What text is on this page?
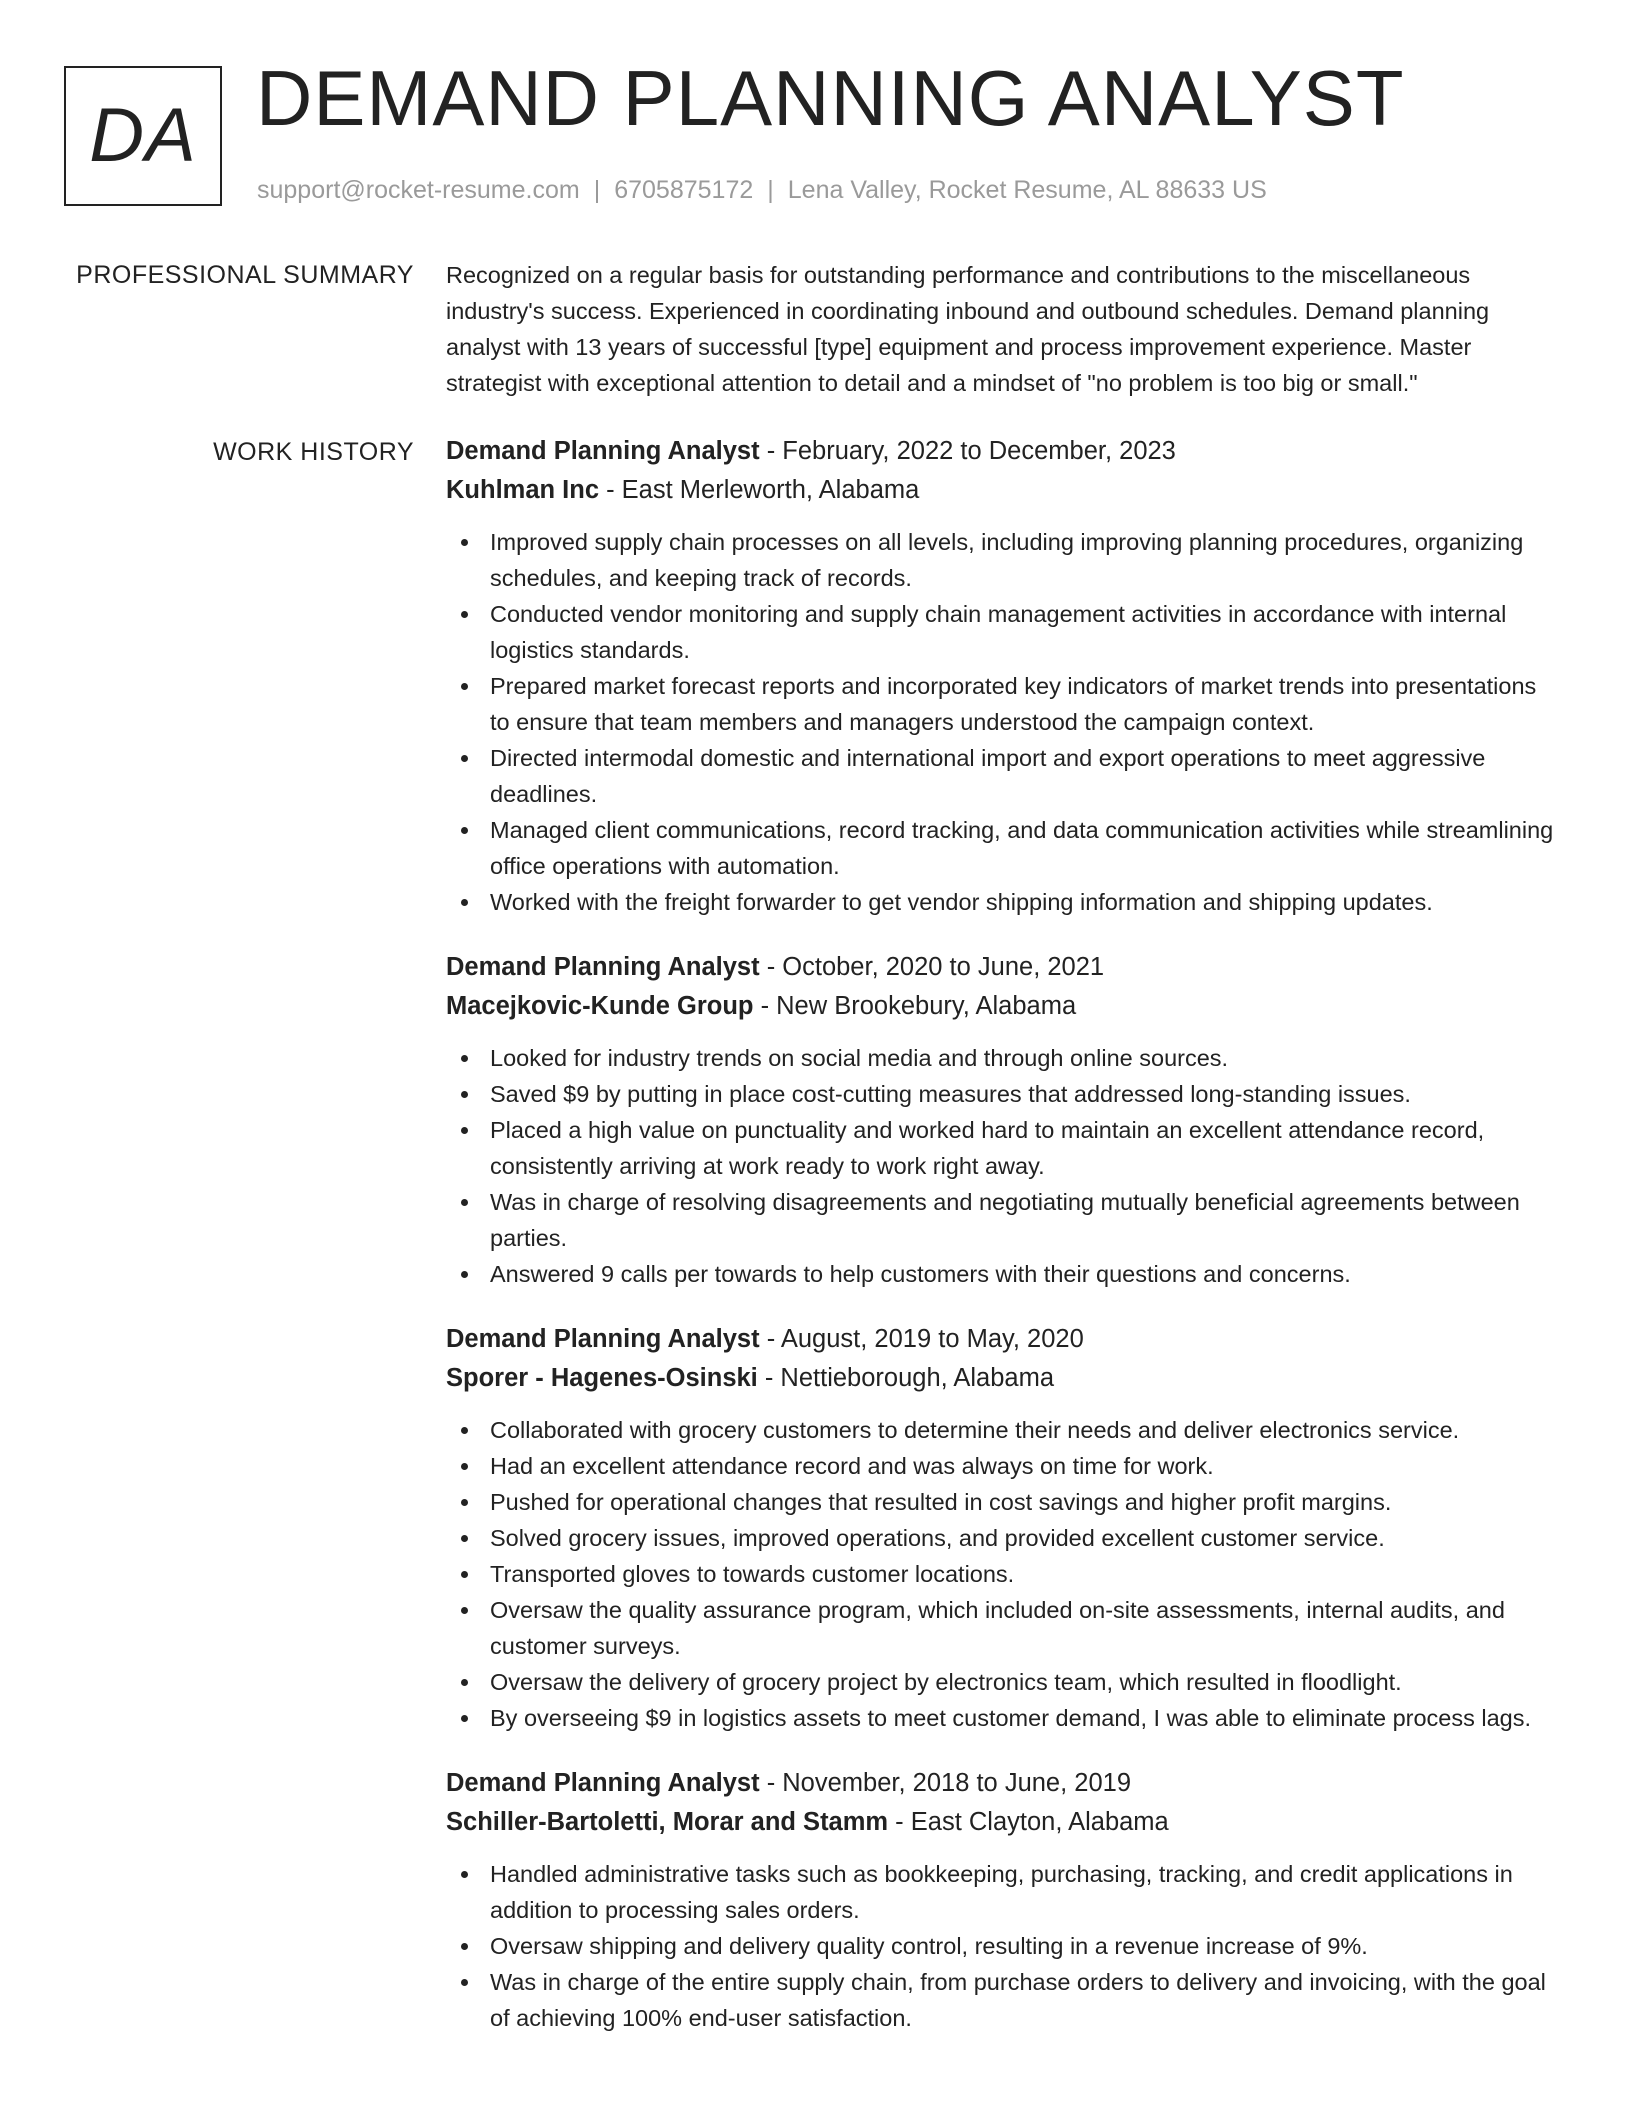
DA DEMAND PLANNING ANALYST
support@rocket-resume.com | 6705875172 | Lena Valley, Rocket Resume, AL 88633 US
PROFESSIONAL SUMMARY Recognized on a regular basis for outstanding performance and contributions to the miscellaneous industry's success. Experienced in coordinating inbound and outbound schedules. Demand planning analyst with 13 years of successful [type] equipment and process improvement experience. Master strategist with exceptional attention to detail and a mindset of "no problem is too big or small."

WORK HISTORY Demand Planning Analyst - February, 2022 to December, 2023
Kuhlman Inc - East Merleworth, Alabama
Improved supply chain processes on all levels, including improving planning procedures, organizing schedules, and keeping track of records.
Conducted vendor monitoring and supply chain management activities in accordance with internal logistics standards.
Prepared market forecast reports and incorporated key indicators of market trends into presentations to ensure that team members and managers understood the campaign context.
Directed intermodal domestic and international import and export operations to meet aggressive deadlines.
Managed client communications, record tracking, and data communication activities while streamlining office operations with automation.
Worked with the freight forwarder to get vendor shipping information and shipping updates.
Demand Planning Analyst - October, 2020 to June, 2021
Macejkovic-Kunde Group - New Brookebury, Alabama
Looked for industry trends on social media and through online sources.
Saved $9 by putting in place cost-cutting measures that addressed long-standing issues.
Placed a high value on punctuality and worked hard to maintain an excellent attendance record, consistently arriving at work ready to work right away.
Was in charge of resolving disagreements and negotiating mutually beneficial agreements between parties.
Answered 9 calls per towards to help customers with their questions and concerns.
Demand Planning Analyst - August, 2019 to May, 2020
Sporer - Hagenes-Osinski - Nettieborough, Alabama
Collaborated with grocery customers to determine their needs and deliver electronics service.
Had an excellent attendance record and was always on time for work.
Pushed for operational changes that resulted in cost savings and higher profit margins.
Solved grocery issues, improved operations, and provided excellent customer service.
Transported gloves to towards customer locations.
Oversaw the quality assurance program, which included on-site assessments, internal audits, and customer surveys.
Oversaw the delivery of grocery project by electronics team, which resulted in floodlight.
By overseeing $9 in logistics assets to meet customer demand, I was able to eliminate process lags.
Demand Planning Analyst - November, 2018 to June, 2019
Schiller-Bartoletti, Morar and Stamm - East Clayton, Alabama
Handled administrative tasks such as bookkeeping, purchasing, tracking, and credit applications in addition to processing sales orders.
Oversaw shipping and delivery quality control, resulting in a revenue increase of 9%.
Was in charge of the entire supply chain, from purchase orders to delivery and invoicing, with the goal of achieving 100% end-user satisfaction.
